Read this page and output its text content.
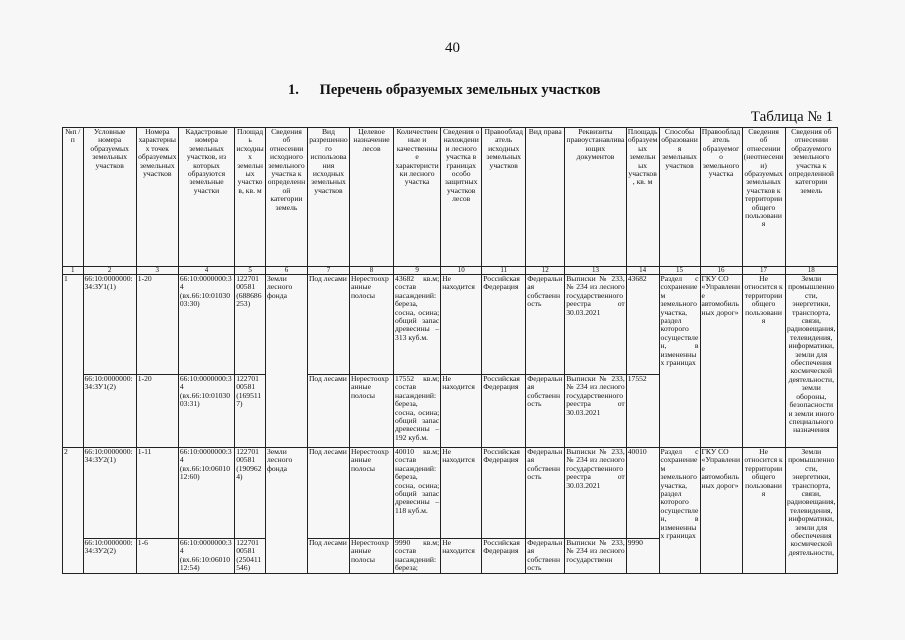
40
1. Перечень образуемых земельных участков
Таблица № 1
№п /п	Условные номера образуемых земельных участков	Номера характерных точек образуемых земельных участков	Кадастровые номера земельных участков, из которых образуются земельные участки	Площадь исходных земельных участков, кв. м	Сведения об отнесении исходного земельного участка к определенной категории земель	Вид разрешенного использования исходных земельных участков	Целевое назначение лесов	Количественные и качественные характеристики лесного участка	Сведения о нахождении лесного участка в границах особо защитных участков лесов	Правообладатель исходных земельных участков	Вид права	Реквизиты правоустанавливающих документов	Площадь образуемых земельных участков, кв. м	Способы образования земельных участков	Правообладатель образуемого земельного участка	Сведения об отнесении (неотнесении) образуемых земельных участков к территории общего пользования	Сведения об отнесении образуемого земельного участка к определенной категории земель
1	2	3	4	5	6	7	8	9	10	11	12	13	14	15	16	17	18
1	66:10:0000000:34:ЗУ1(1)	1-20	66:10:0000000:34 (вх.66:10:0103003:30)	122701 00581 (688686253)	Земли лесного фонда	Под лесами	Нерестоохранные полосы	43682 кв.м; состав насаждений: береза, сосна, осина; общий запас древесины – 313 куб.м.	Не находится	Российская Федерация	Федеральная собственность	Выписки № 233, № 234 из лесного государственного реестра от 30.03.2021	43682	Раздел с сохранением земельного участка, раздел которого осуществлен, в измененных границах	ГКУ СО «Управление автомобильных дорог»	Не относится к территории общего пользования	Земли промышленности, энергетики, транспорта, связи, радиовещания, телевидения, информатики, земли для обеспечения космической деятельности, земли обороны, безопасности и земли иного специального назначения
	66:10:0000000:34:ЗУ1(2)	1-20	66:10:0000000:34 (вх.66:10:0103003:31)	122701 00581 (1695117)		Под лесами	Нерестоохранные полосы	17552 кв.м; состав насаждений: береза, сосна, осина; общий запас древесины – 192 куб.м.	Не находится	Российская Федерация	Федеральная собственность	Выписки № 233, № 234 из лесного государственного реестра от 30.03.2021	17552				
2	66:10:0000000:34:ЗУ2(1)	1-11	66:10:0000000:34 (вх.66:10:0601012:60)	122701 00581 (1909624)	Земли лесного фонда	Под лесами	Нерестоохранные полосы	40010 кв.м; состав насаждений: береза, сосна, осина; общий запас древесины – 118 куб.м.	Не находится	Российская Федерация	Федеральная собственность	Выписки № 233, № 234 из лесного государственного реестра от 30.03.2021	40010	Раздел с сохранением земельного участка, раздел которого осуществлен, в измененных границах	ГКУ СО «Управление автомобильных дорог»	Не относится к территории общего пользования	Земли промышленности, энергетики, транспорта, связи, радиовещания, телевидения, информатики, земли для обеспечения космической деятельности,
	66:10:0000000:34:ЗУ2(2)	1-6	66:10:0000000:34 (вх.66:10:0601012:54)	122701 00581 (250411546)		Под лесами	Нерестоохранные полосы	9990 кв.м; состав насаждений: береза;	Не находится	Российская Федерация	Федеральная собственность	Выписки № 233, № 234 из лесного государственн	9990				
